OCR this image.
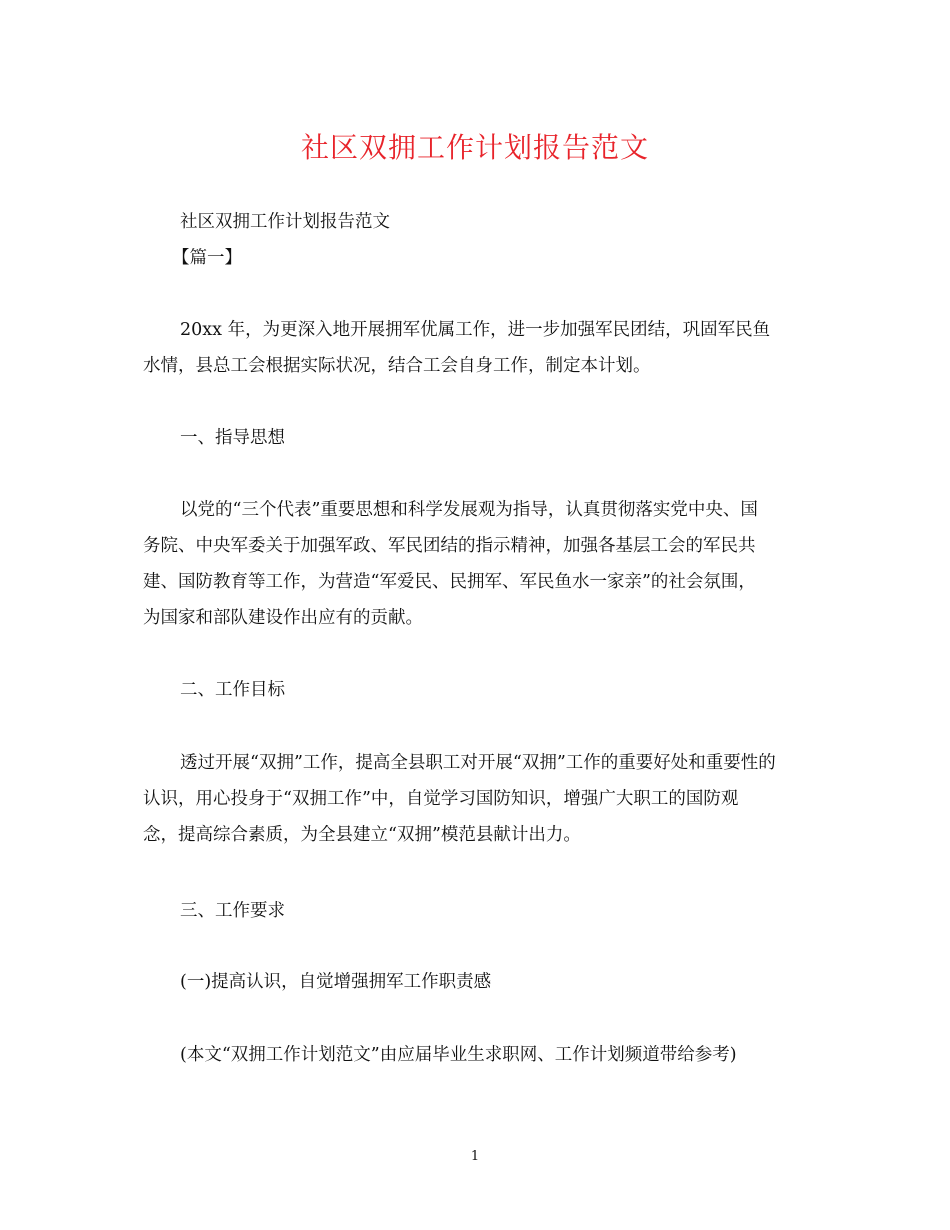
社区双拥工作计划报告范文
社区双拥工作计划报告范文
【篇一】
20xx 年，为更深入地开展拥军优属工作，进一步加强军民团结，巩固军民鱼
水情，县总工会根据实际状况，结合工会自身工作，制定本计划。
一、指导思想
以党的“三个代表”重要思想和科学发展观为指导，认真贯彻落实党中央、国
务院、中央军委关于加强军政、军民团结的指示精神，加强各基层工会的军民共
建、国防教育等工作，为营造“军爱民、民拥军、军民鱼水一家亲”的社会氛围，
为国家和部队建设作出应有的贡献。
二、工作目标
透过开展“双拥”工作，提高全县职工对开展“双拥”工作的重要好处和重要性的
认识，用心投身于“双拥工作”中，自觉学习国防知识，增强广大职工的国防观
念，提高综合素质，为全县建立“双拥”模范县献计出力。
三、工作要求
(一)提高认识，自觉增强拥军工作职责感
(本文“双拥工作计划范文”由应届毕业生求职网、工作计划频道带给参考)
1
